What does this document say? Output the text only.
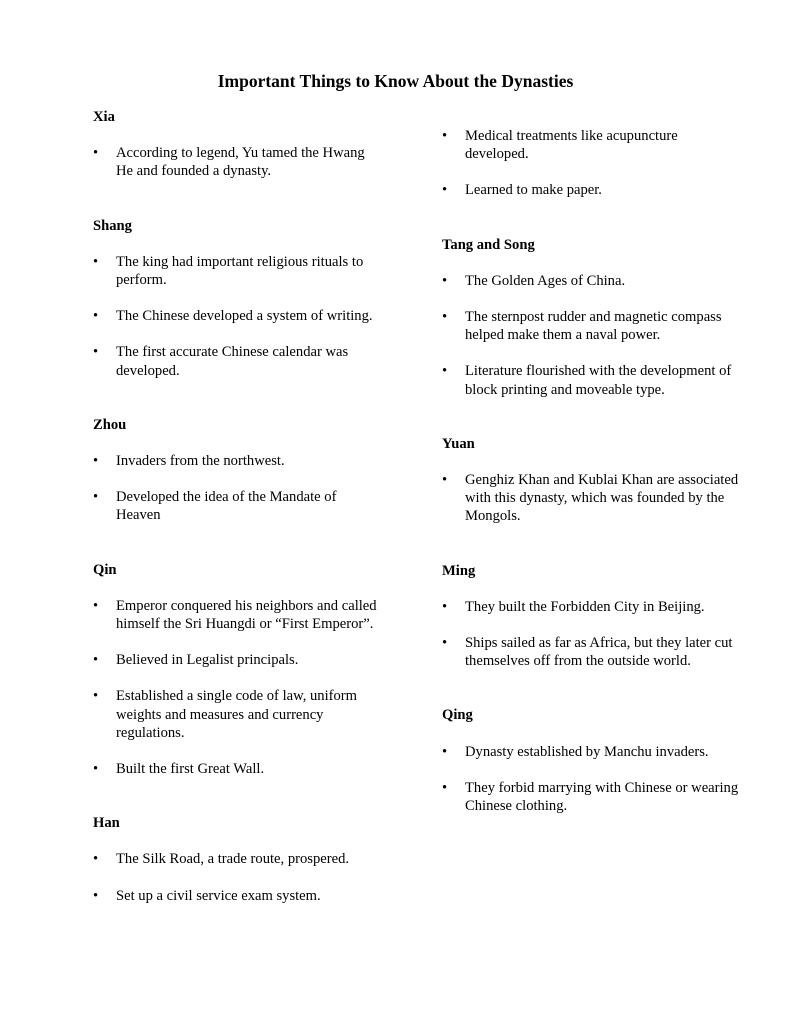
Important Things to Know About the Dynasties
Xia
• According to legend, Yu tamed the Hwang He and founded a dynasty.
Shang
• The king had important religious rituals to perform.
• The Chinese developed a system of writing.
• The first accurate Chinese calendar was developed.
Zhou
• Invaders from the northwest.
• Developed the idea of the Mandate of Heaven
Qin
• Emperor conquered his neighbors and called himself the Sri Huangdi or “First Emperor”.
• Believed in Legalist principals.
• Established a single code of law, uniform weights and measures and currency regulations.
• Built the first Great Wall.
Han
• The Silk Road, a trade route, prospered.
• Set up a civil service exam system.
• Medical treatments like acupuncture developed.
• Learned to make paper.
Tang and Song
• The Golden Ages of China.
• The sternpost rudder and magnetic compass helped make them a naval power.
• Literature flourished with the development of block printing and moveable type.
Yuan
• Genghiz Khan and Kublai Khan are associated with this dynasty, which was founded by the Mongols.
Ming
• They built the Forbidden City in Beijing.
• Ships sailed as far as Africa, but they later cut themselves off from the outside world.
Qing
• Dynasty established by Manchu invaders.
• They forbid marrying with Chinese or wearing Chinese clothing.
